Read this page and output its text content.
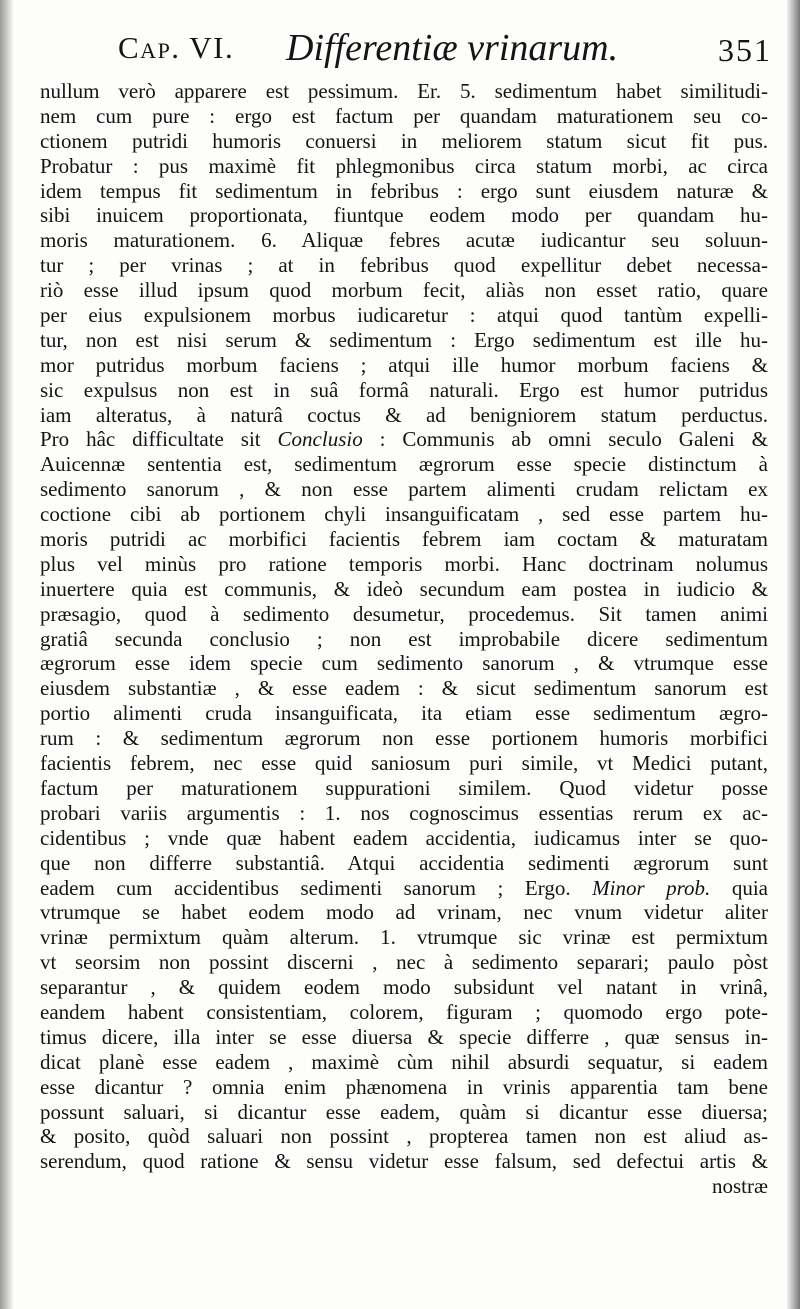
Cap. VI. Differentiæ vrinarum.	351
nullum verò apparere est pessimum. Er. 5. sedimentum habet similitudi-
nem cum pure : ergo est factum per quandam maturationem seu co-
ctionem putridi humoris conuersi in meliorem statum sicut fit pus.
Probatur : pus maximè fit phlegmonibus circa statum morbi, ac circa
idem tempus fit sedimentum in febribus : ergo sunt eiusdem naturæ &
sibi inuicem proportionata, fiuntque eodem modo per quandam hu-
moris maturationem. 6. Aliquæ febres acutæ iudicantur seu soluun-
tur ; per vrinas ; at in febribus quod expellitur debet necessa-
riò esse illud ipsum quod morbum fecit, aliàs non esset ratio, quare
per eius expulsionem morbus iudicaretur : atqui quod tantùm expelli-
tur, non est nisi serum & sedimentum : Ergo sedimentum est ille hu-
mor putridus morbum faciens ; atqui ille humor morbum faciens &
sic expulsus non est in suâ formâ naturali. Ergo est humor putridus
iam alteratus, à naturâ coctus & ad benigniorem statum perductus.
Pro hâc difficultate sit Conclusio : Communis ab omni seculo Galeni &
Auicennæ sententia est, sedimentum ægrorum esse specie distinctum à
sedimento sanorum , & non esse partem alimenti crudam relictam ex
coctione cibi ab portionem chyli insanguificatam , sed esse partem hu-
moris putridi ac morbifici facientis febrem iam coctam & maturatam
plus vel minùs pro ratione temporis morbi. Hanc doctrinam nolumus
inuertere quia est communis, & ideò secundum eam postea in iudicio &
præsagio, quod à sedimento desumetur, procedemus. Sit tamen animi
gratiâ secunda conclusio ; non est improbabile dicere sedimentum
ægrorum esse idem specie cum sedimento sanorum , & vtrumque esse
eiusdem substantiæ , & esse eadem : & sicut sedimentum sanorum est
portio alimenti cruda insanguificata, ita etiam esse sedimentum ægro-
rum : & sedimentum ægrorum non esse portionem humoris morbifici
facientis febrem, nec esse quid saniosum puri simile, vt Medici putant,
factum per maturationem suppurationi similem. Quod videtur posse
probari variis argumentis : 1. nos cognoscimus essentias rerum ex ac-
cidentibus ; vnde quæ habent eadem accidentia, iudicamus inter se quo-
que non differre substantiâ. Atqui accidentia sedimenti ægrorum sunt
eadem cum accidentibus sedimenti sanorum ; Ergo. Minor prob. quia
vtrumque se habet eodem modo ad vrinam, nec vnum videtur aliter
vrinæ permixtum quàm alterum. 1. vtrumque sic vrinæ est permixtum
vt seorsim non possint discerni , nec à sedimento separari; paulo pòst
separantur , & quidem eodem modo subsidunt vel natant in vrinâ,
eandem habent consistentiam, colorem, figuram ; quomodo ergo pote-
timus dicere, illa inter se esse diuersa & specie differre , quæ sensus in-
dicat planè esse eadem , maximè cùm nihil absurdi sequatur, si eadem
esse dicantur ? omnia enim phænomena in vrinis apparentia tam bene
possunt saluari, si dicantur esse eadem, quàm si dicantur esse diuersa;
& posito, quòd saluari non possint , propterea tamen non est aliud as-
serendum, quod ratione & sensu videtur esse falsum, sed defectui artis &
nostræ
